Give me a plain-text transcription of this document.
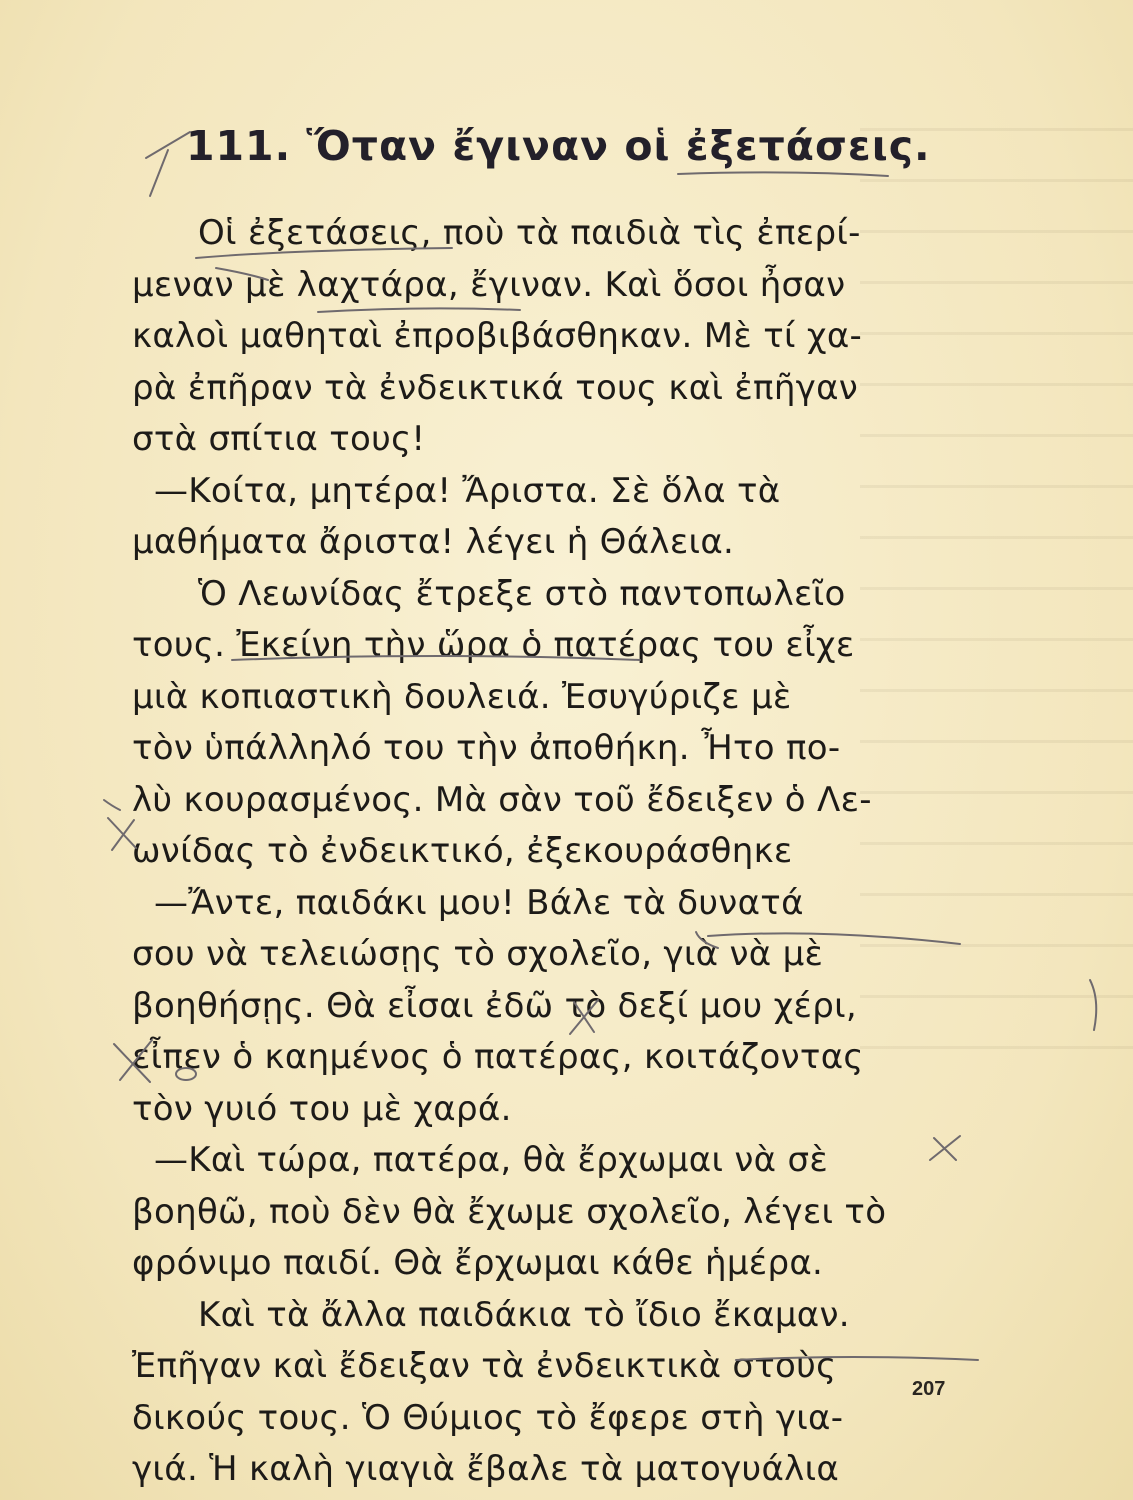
111. Ὅταν ἔγιναν οἱ ἐξετάσεις.
Οἱ ἐξετάσεις, ποὺ τὰ παιδιὰ τὶς ἐπερί-
μεναν μὲ λαχτάρα, ἔγιναν. Καὶ ὅσοι ἦσαν
καλοὶ μαθηταὶ ἐπροβιβάσθηκαν. Μὲ τί χα-
ρὰ ἐπῆραν τὰ ἐνδεικτικά τους καὶ ἐπῆγαν
στὰ σπίτια τους!
—Κοίτα, μητέρα! Ἄριστα. Σὲ ὅλα τὰ
μαθήματα ἄριστα! λέγει ἡ Θάλεια.
Ὁ Λεωνίδας ἔτρεξε στὸ παντοπωλεῖο
τους. Ἐκείνη τὴν ὥρα ὁ πατέρας του εἶχε
μιὰ κοπιαστικὴ δουλειά. Ἐσυγύριζε μὲ
τὸν ὑπάλληλό του τὴν ἀποθήκη. Ἦτο πο-
λὺ κουρασμένος. Μὰ σὰν τοῦ ἔδειξεν ὁ Λε-
ωνίδας τὸ ἐνδεικτικό, ἐξεκουράσθηκε
—Ἄντε, παιδάκι μου! Βάλε τὰ δυνατά
σου νὰ τελειώσῃς τὸ σχολεῖο, γιὰ νὰ μὲ
βοηθήσῃς. Θὰ εἶσαι ἐδῶ τὸ δεξί μου χέρι,
εἶπεν ὁ καημένος ὁ πατέρας, κοιτάζοντας
τὸν γυιό του μὲ χαρά.
—Καὶ τώρα, πατέρα, θὰ ἔρχωμαι νὰ σὲ
βοηθῶ, ποὺ δὲν θὰ ἔχωμε σχολεῖο, λέγει τὸ
φρόνιμο παιδί. Θὰ ἔρχωμαι κάθε ἡμέρα.
Καὶ τὰ ἄλλα παιδάκια τὸ ἴδιο ἔκαμαν.
Ἐπῆγαν καὶ ἔδειξαν τὰ ἐνδεικτικὰ στοὺς
δικούς τους. Ὁ Θύμιος τὸ ἔφερε στὴ για-
γιά. Ἡ καλὴ γιαγιὰ ἔβαλε τὰ ματογυάλια
207
